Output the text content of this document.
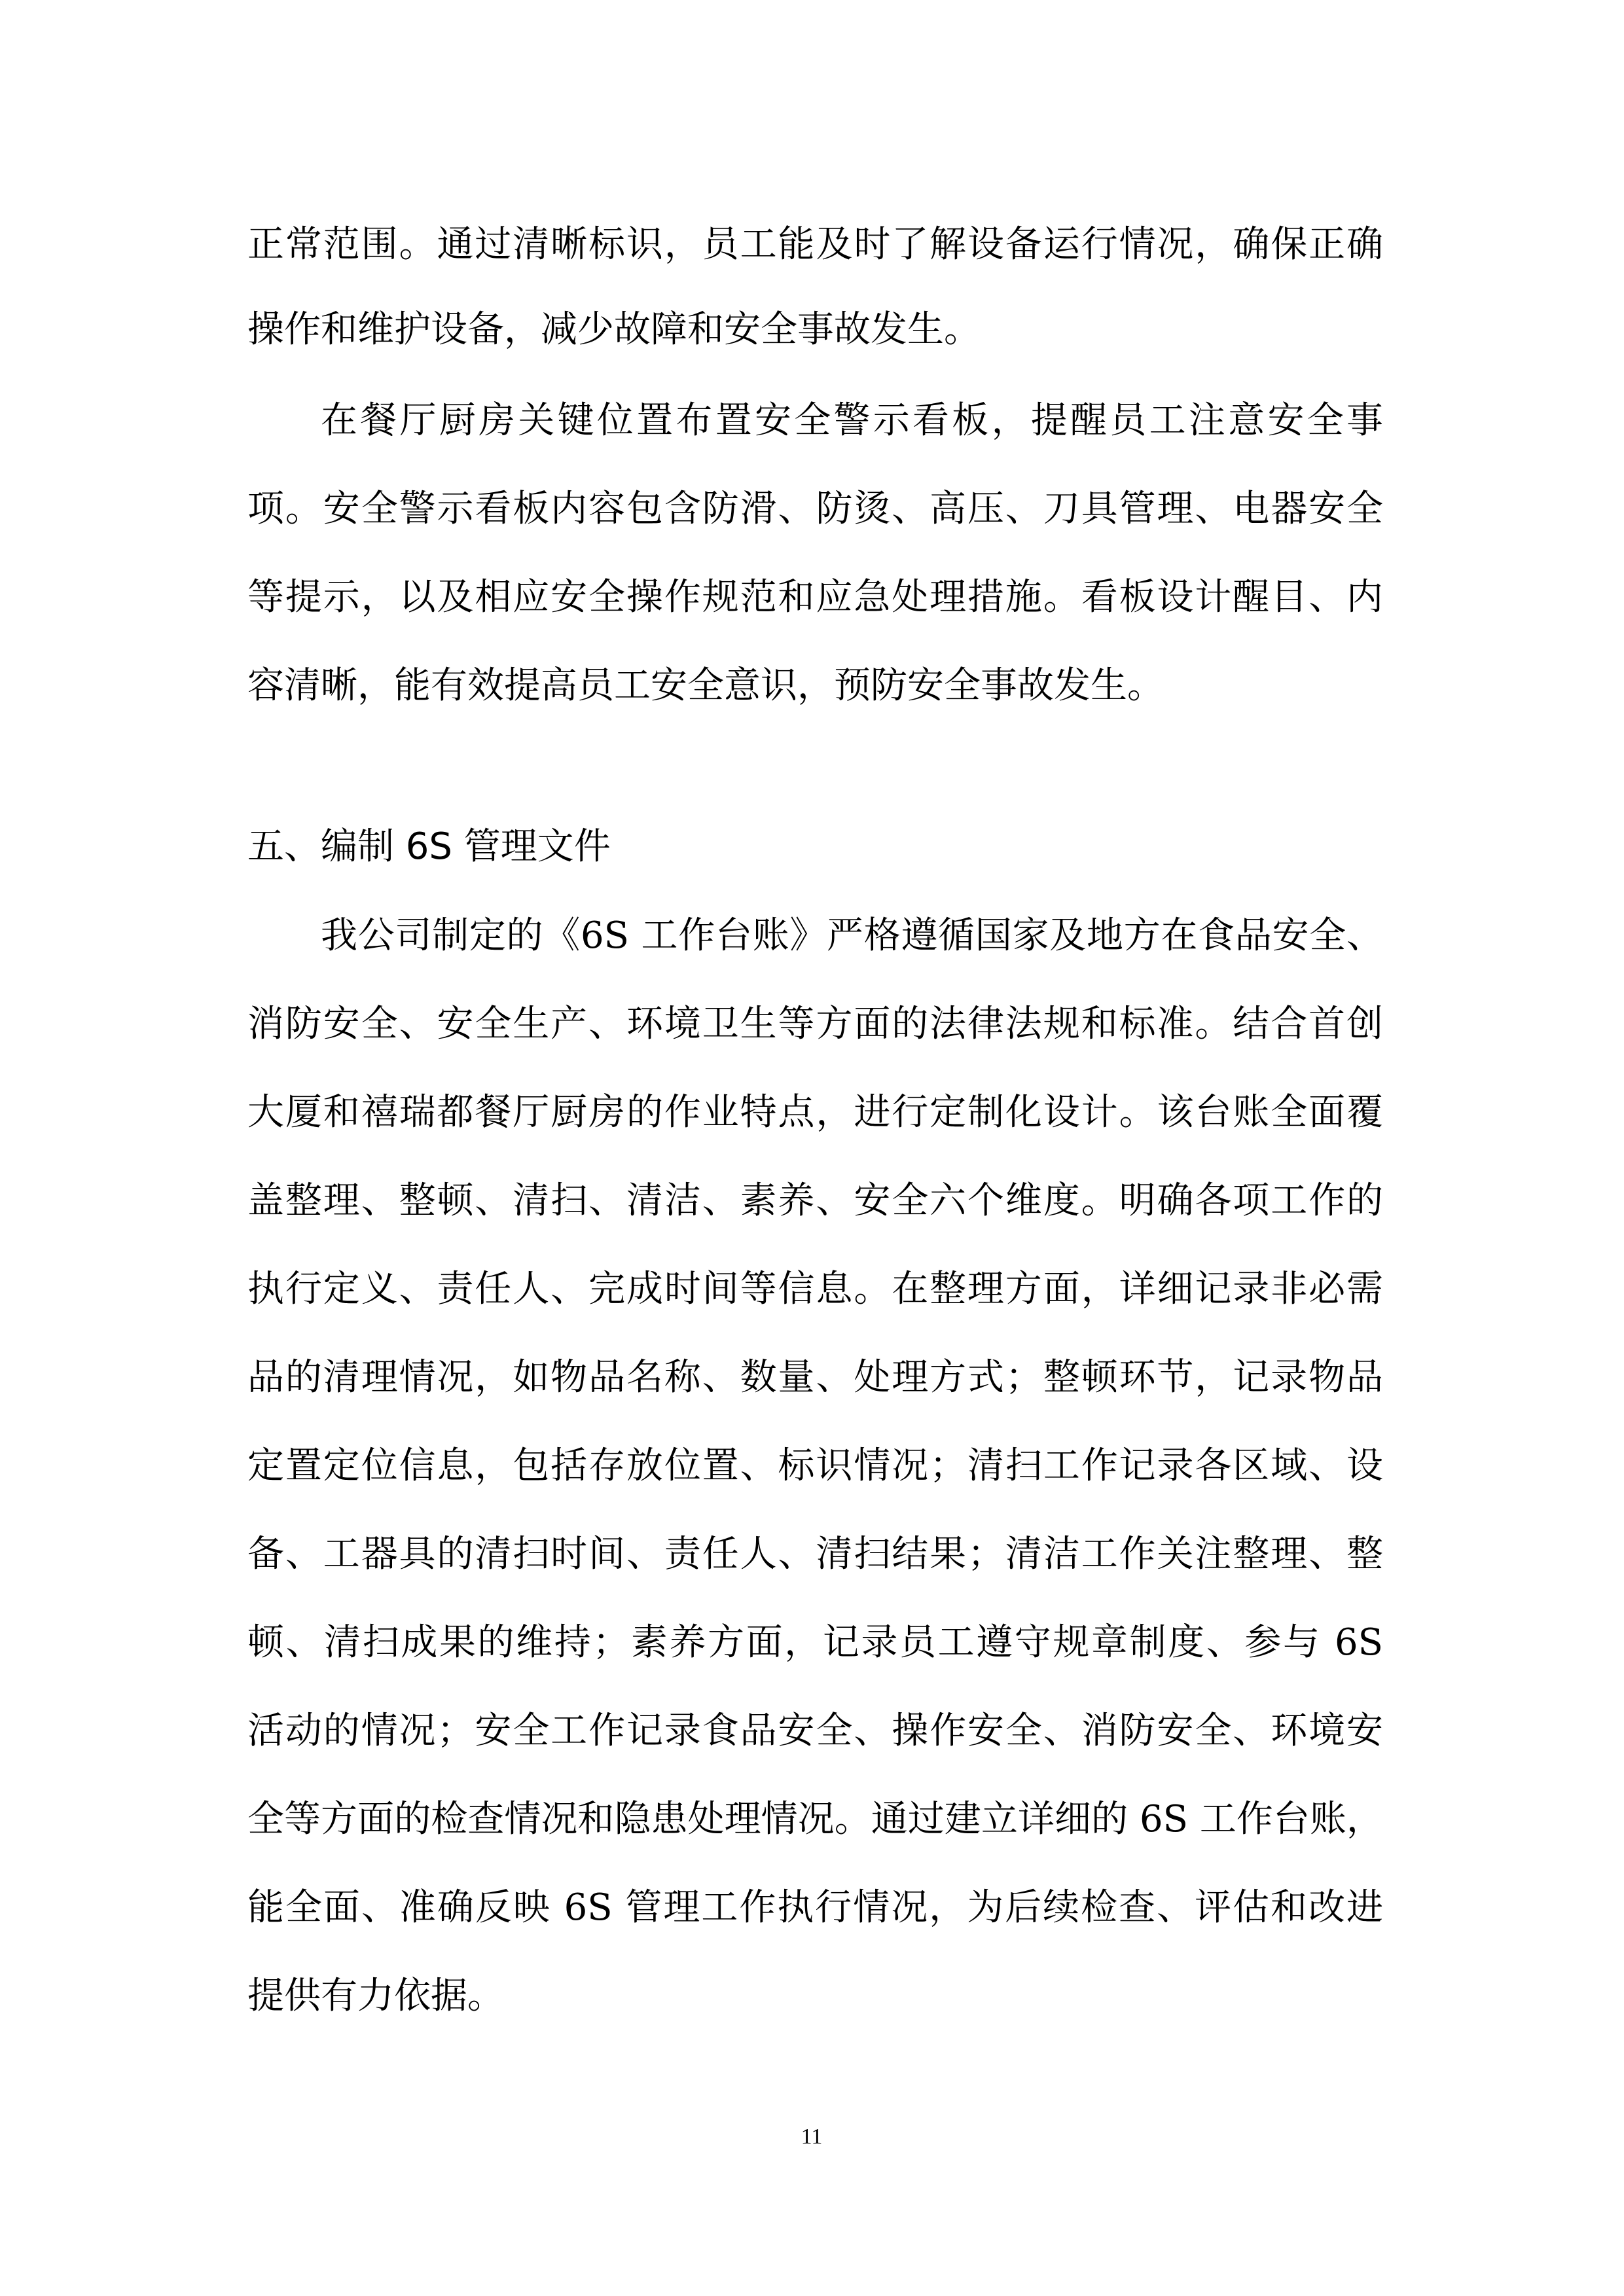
正常范围。通过清晰标识，员工能及时了解设备运行情况，确保正确
操作和维护设备，减少故障和安全事故发生。
在餐厅厨房关键位置布置安全警示看板，提醒员工注意安全事
项。安全警示看板内容包含防滑、防烫、高压、刀具管理、电器安全
等提示，以及相应安全操作规范和应急处理措施。看板设计醒目、内
容清晰，能有效提高员工安全意识，预防安全事故发生。
五、编制 6S 管理文件
我公司制定的《6S 工作台账》严格遵循国家及地方在食品安全、
消防安全、安全生产、环境卫生等方面的法律法规和标准。结合首创
大厦和禧瑞都餐厅厨房的作业特点，进行定制化设计。该台账全面覆
盖整理、整顿、清扫、清洁、素养、安全六个维度。明确各项工作的
执行定义、责任人、完成时间等信息。在整理方面，详细记录非必需
品的清理情况，如物品名称、数量、处理方式；整顿环节，记录物品
定置定位信息，包括存放位置、标识情况；清扫工作记录各区域、设
备、工器具的清扫时间、责任人、清扫结果；清洁工作关注整理、整
顿、清扫成果的维持；素养方面，记录员工遵守规章制度、参与 6S
活动的情况；安全工作记录食品安全、操作安全、消防安全、环境安
全等方面的检查情况和隐患处理情况。通过建立详细的 6S 工作台账，
能全面、准确反映 6S 管理工作执行情况，为后续检查、评估和改进
提供有力依据。
11
